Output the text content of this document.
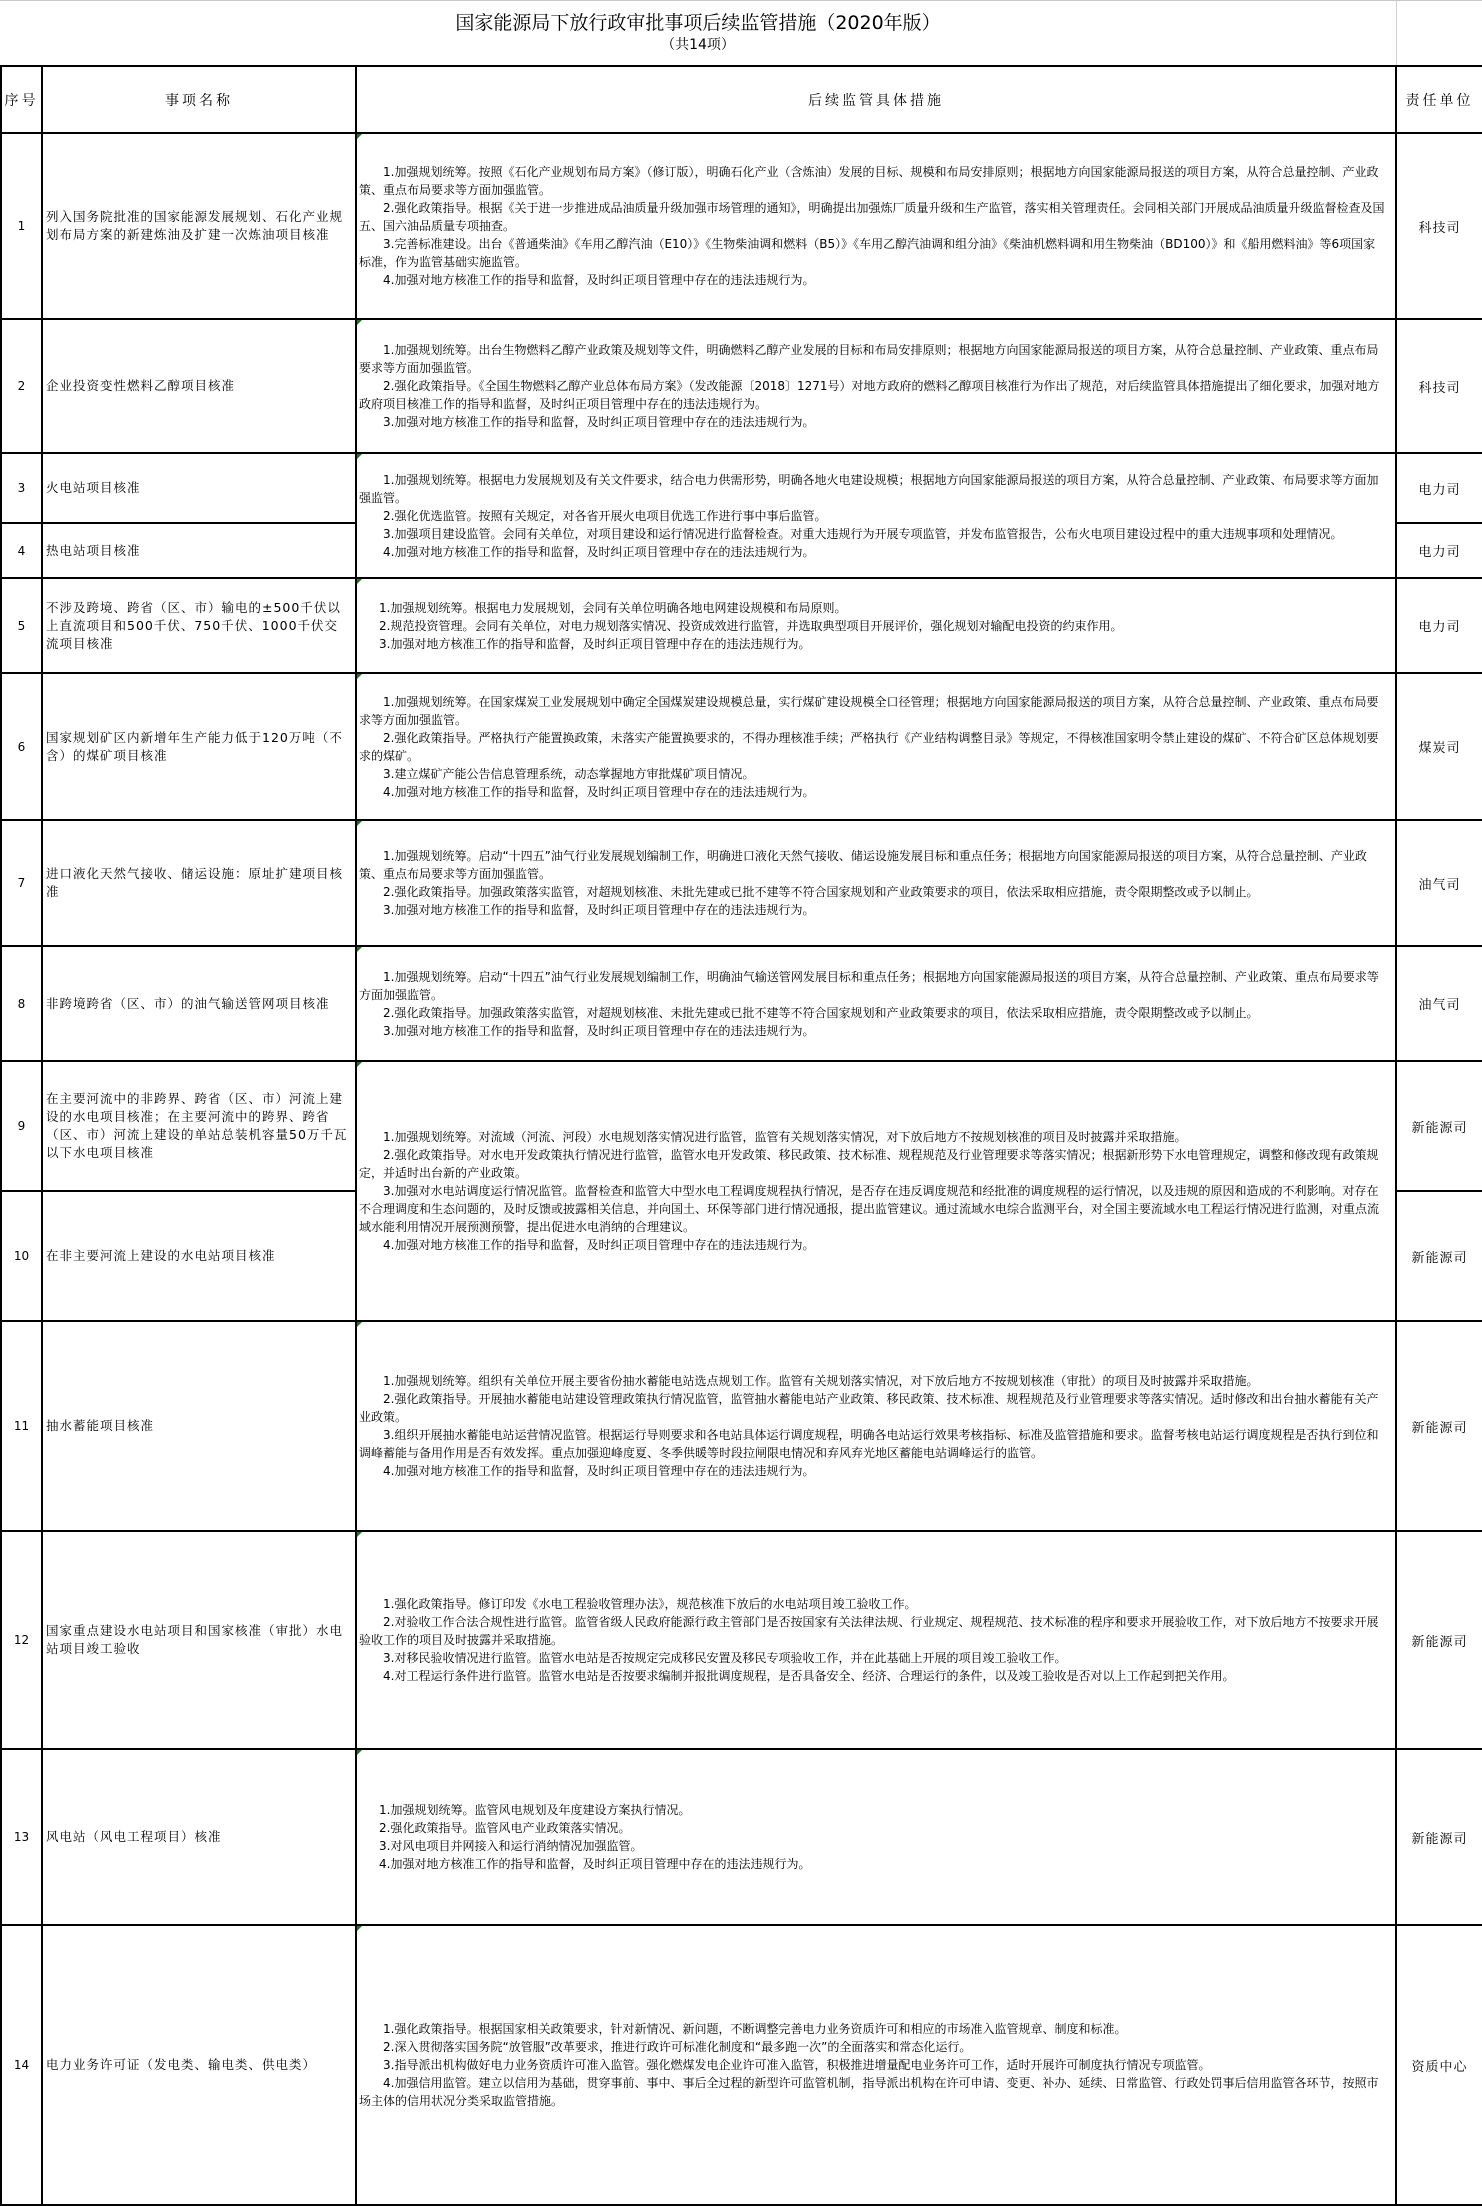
国家能源局下放行政审批事项后续监管措施（2020年版）
（共14项）
序号	事项名称	后续监管具体措施	责任单位
1	列入国务院批准的国家能源发展规划、石化产业规划布局方案的新建炼油及扩建一次炼油项目核准	1.加强规划统筹。按照《石化产业规划布局方案》（修订版），明确石化产业（含炼油）发展的目标、规模和布局安排原则；根据地方向国家能源局报送的项目方案，从符合总量控制、产业政策、重点布局要求等方面加强监管。

2.强化政策指导。根据《关于进一步推进成品油质量升级加强市场管理的通知》，明确提出加强炼厂质量升级和生产监管，落实相关管理责任。会同相关部门开展成品油质量升级监督检查及国五、国六油品质量专项抽查。

3.完善标准建设。出台《普通柴油》《车用乙醇汽油（E10）》《生物柴油调和燃料（B5）》《车用乙醇汽油调和组分油》《柴油机燃料调和用生物柴油（BD100）》和《船用燃料油》等6项国家标准，作为监管基础实施监管。

4.加强对地方核准工作的指导和监督，及时纠正项目管理中存在的违法违规行为。	科技司
2	企业投资变性燃料乙醇项目核准	1.加强规划统筹。出台生物燃料乙醇产业政策及规划等文件，明确燃料乙醇产业发展的目标和布局安排原则；根据地方向国家能源局报送的项目方案，从符合总量控制、产业政策、重点布局要求等方面加强监管。

2.强化政策指导。《全国生物燃料乙醇产业总体布局方案》（发改能源〔2018〕1271号）对地方政府的燃料乙醇项目核准行为作出了规范，对后续监管具体措施提出了细化要求，加强对地方政府项目核准工作的指导和监督，及时纠正项目管理中存在的违法违规行为。

3.加强对地方核准工作的指导和监督，及时纠正项目管理中存在的违法违规行为。	科技司
3	火电站项目核准	1.加强规划统筹。根据电力发展规划及有关文件要求，结合电力供需形势，明确各地火电建设规模；根据地方向国家能源局报送的项目方案，从符合总量控制、产业政策、布局要求等方面加强监管。

2.强化优选监管。按照有关规定，对各省开展火电项目优选工作进行事中事后监管。

3.加强项目建设监管。会同有关单位，对项目建设和运行情况进行监督检查。对重大违规行为开展专项监管，并发布监管报告，公布火电项目建设过程中的重大违规事项和处理情况。

4.加强对地方核准工作的指导和监督，及时纠正项目管理中存在的违法违规行为。	电力司
4	热电站项目核准		电力司
5	不涉及跨境、跨省（区、市）输电的±500千伏以上直流项目和500千伏、750千伏、1000千伏交流项目核准	1.加强规划统筹。根据电力发展规划，会同有关单位明确各地电网建设规模和布局原则。

2.规范投资管理。会同有关单位，对电力规划落实情况、投资成效进行监管，并选取典型项目开展评价，强化规划对输配电投资的约束作用。

3.加强对地方核准工作的指导和监督，及时纠正项目管理中存在的违法违规行为。	电力司
6	国家规划矿区内新增年生产能力低于120万吨（不含）的煤矿项目核准	1.加强规划统筹。在国家煤炭工业发展规划中确定全国煤炭建设规模总量，实行煤矿建设规模全口径管理；根据地方向国家能源局报送的项目方案，从符合总量控制、产业政策、重点布局要求等方面加强监管。

2.强化政策指导。严格执行产能置换政策，未落实产能置换要求的，不得办理核准手续；严格执行《产业结构调整目录》等规定，不得核准国家明令禁止建设的煤矿、不符合矿区总体规划要求的煤矿。

3.建立煤矿产能公告信息管理系统，动态掌握地方审批煤矿项目情况。

4.加强对地方核准工作的指导和监督，及时纠正项目管理中存在的违法违规行为。	煤炭司
7	进口液化天然气接收、储运设施：原址扩建项目核准	1.加强规划统筹。启动“十四五”油气行业发展规划编制工作，明确进口液化天然气接收、储运设施发展目标和重点任务；根据地方向国家能源局报送的项目方案，从符合总量控制、产业政策、重点布局要求等方面加强监管。

2.强化政策指导。加强政策落实监管，对超规划核准、未批先建或已批不建等不符合国家规划和产业政策要求的项目，依法采取相应措施，责令限期整改或予以制止。

3.加强对地方核准工作的指导和监督，及时纠正项目管理中存在的违法违规行为。	油气司
8	非跨境跨省（区、市）的油气输送管网项目核准	1.加强规划统筹。启动“十四五”油气行业发展规划编制工作，明确油气输送管网发展目标和重点任务；根据地方向国家能源局报送的项目方案，从符合总量控制、产业政策、重点布局要求等方面加强监管。

2.强化政策指导。加强政策落实监管，对超规划核准、未批先建或已批不建等不符合国家规划和产业政策要求的项目，依法采取相应措施，责令限期整改或予以制止。

3.加强对地方核准工作的指导和监督，及时纠正项目管理中存在的违法违规行为。	油气司
9	在主要河流中的非跨界、跨省（区、市）河流上建设的水电项目核准；在主要河流中的跨界、跨省（区、市）河流上建设的单站总装机容量50万千瓦以下水电项目核准	1.加强规划统筹。对流域（河流、河段）水电规划落实情况进行监管，监管有关规划落实情况，对下放后地方不按规划核准的项目及时披露并采取措施。

2.强化政策指导。对水电开发政策执行情况进行监管，监管水电开发政策、移民政策、技术标准、规程规范及行业管理要求等落实情况；根据新形势下水电管理规定，调整和修改现有政策规定，并适时出台新的产业政策。

3.加强对水电站调度运行情况监管。监督检查和监管大中型水电工程调度规程执行情况，是否存在违反调度规范和经批准的调度规程的运行情况，以及违规的原因和造成的不利影响。对存在不合理调度和生态问题的，及时反馈或披露相关信息，并向国土、环保等部门进行情况通报，提出监管建议。通过流域水电综合监测平台，对全国主要流域水电工程运行情况进行监测，对重点流域水能利用情况开展预测预警，提出促进水电消纳的合理建议。

4.加强对地方核准工作的指导和监督，及时纠正项目管理中存在的违法违规行为。	新能源司
10	在非主要河流上建设的水电站项目核准		新能源司
11	抽水蓄能项目核准	1.加强规划统筹。组织有关单位开展主要省份抽水蓄能电站选点规划工作。监管有关规划落实情况，对下放后地方不按规划核准（审批）的项目及时披露并采取措施。

2.强化政策指导。开展抽水蓄能电站建设管理政策执行情况监管，监管抽水蓄能电站产业政策、移民政策、技术标准、规程规范及行业管理要求等落实情况。适时修改和出台抽水蓄能有关产业政策。

3.组织开展抽水蓄能电站运营情况监管。根据运行导则要求和各电站具体运行调度规程，明确各电站运行效果考核指标、标准及监管措施和要求。监督考核电站运行调度规程是否执行到位和调峰蓄能与备用作用是否有效发挥。重点加强迎峰度夏、冬季供暖等时段拉闸限电情况和弃风弃光地区蓄能电站调峰运行的监管。

4.加强对地方核准工作的指导和监督，及时纠正项目管理中存在的违法违规行为。	新能源司
12	国家重点建设水电站项目和国家核准（审批）水电站项目竣工验收	1.强化政策指导。修订印发《水电工程验收管理办法》，规范核准下放后的水电站项目竣工验收工作。

2.对验收工作合法合规性进行监管。监管省级人民政府能源行政主管部门是否按国家有关法律法规、行业规定、规程规范、技术标准的程序和要求开展验收工作，对下放后地方不按要求开展验收工作的项目及时披露并采取措施。

3.对移民验收情况进行监管。监管水电站是否按规定完成移民安置及移民专项验收工作，并在此基础上开展的项目竣工验收工作。

4.对工程运行条件进行监管。监管水电站是否按要求编制并报批调度规程，是否具备安全、经济、合理运行的条件，以及竣工验收是否对以上工作起到把关作用。	新能源司
13	风电站（风电工程项目）核准	1.加强规划统筹。监管风电规划及年度建设方案执行情况。

2.强化政策指导。监管风电产业政策落实情况。

3.对风电项目并网接入和运行消纳情况加强监管。

4.加强对地方核准工作的指导和监督，及时纠正项目管理中存在的违法违规行为。	新能源司
14	电力业务许可证（发电类、输电类、供电类）	1.强化政策指导。根据国家相关政策要求，针对新情况、新问题，不断调整完善电力业务资质许可和相应的市场准入监管规章、制度和标准。

2.深入贯彻落实国务院“放管服”改革要求，推进行政许可标准化制度和“最多跑一次”的全面落实和常态化运行。

3.指导派出机构做好电力业务资质许可准入监管。强化燃煤发电企业许可准入监管，积极推进增量配电业务许可工作，适时开展许可制度执行情况专项监管。

4.加强信用监管。建立以信用为基础，贯穿事前、事中、事后全过程的新型许可监管机制，指导派出机构在许可申请、变更、补办、延续、日常监管、行政处罚事后信用监管各环节，按照市场主体的信用状况分类采取监管措施。	资质中心
